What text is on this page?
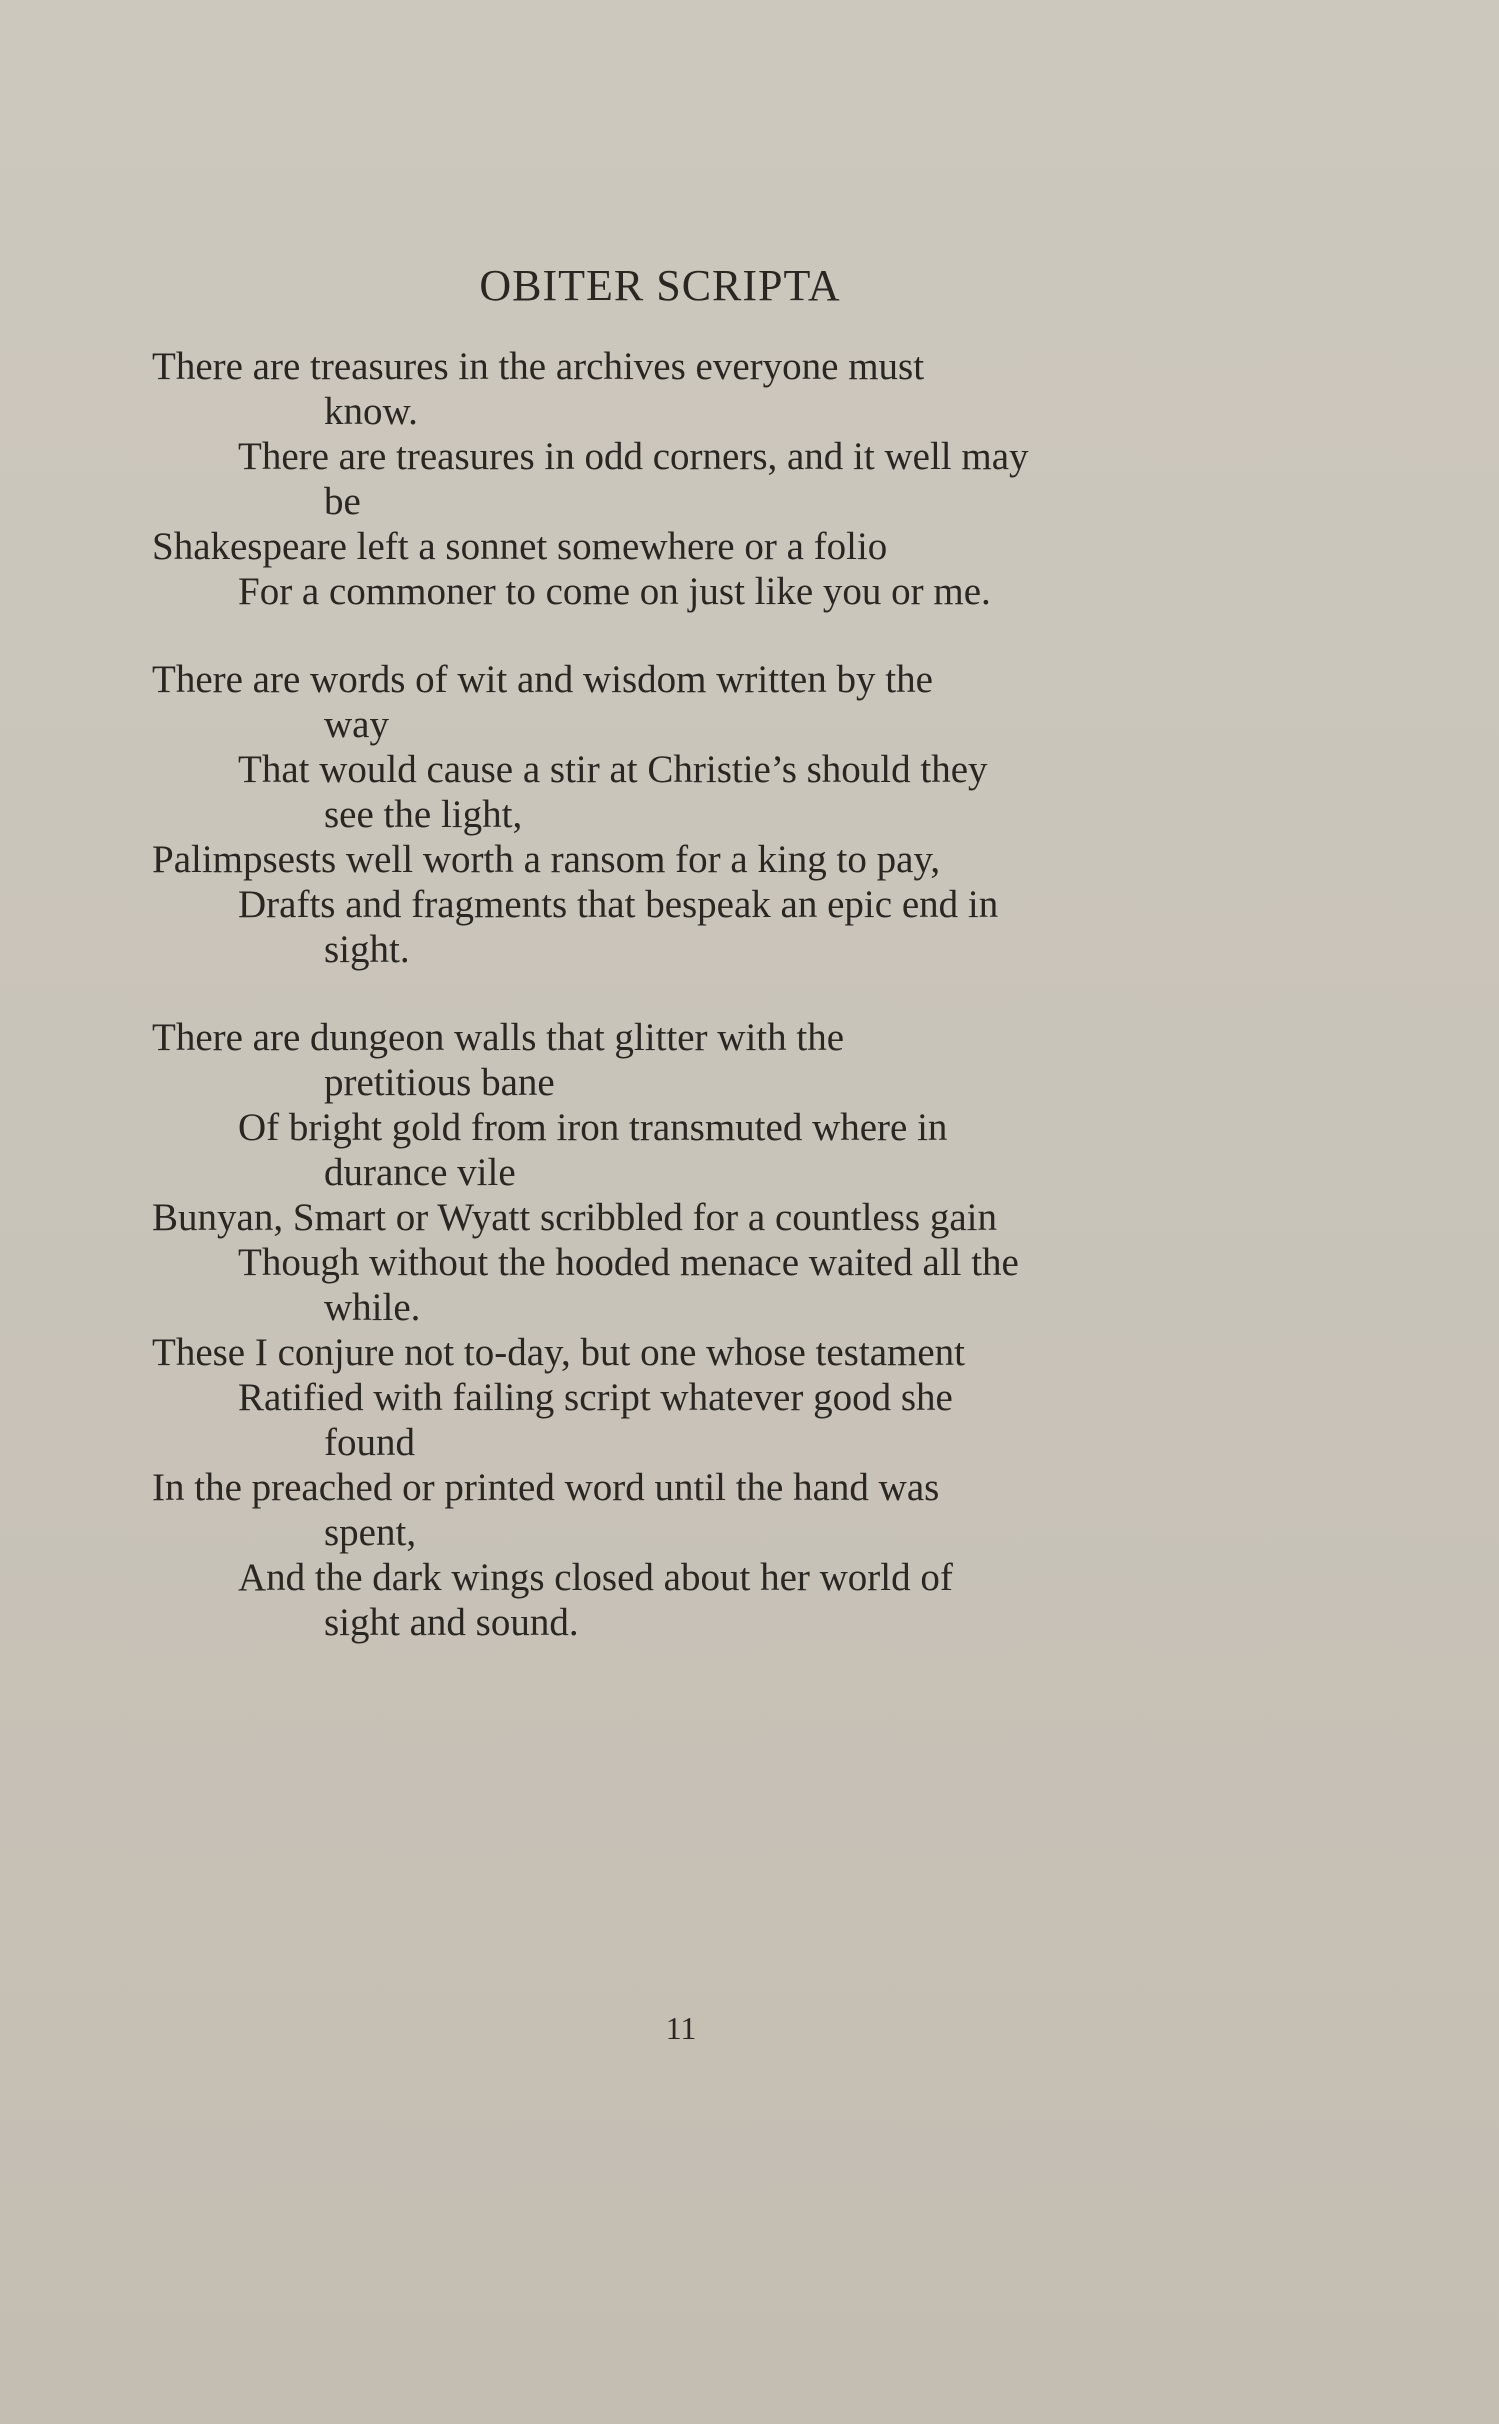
OBITER SCRIPTA
There are treasures in the archives everyone must
know.
There are treasures in odd corners, and it well may
be
Shakespeare left a sonnet somewhere or a folio
For a commoner to come on just like you or me.
There are words of wit and wisdom written by the
way
That would cause a stir at Christie’s should they
see the light,
Palimpsests well worth a ransom for a king to pay,
Drafts and fragments that bespeak an epic end in
sight.
There are dungeon walls that glitter with the
pretitious bane
Of bright gold from iron transmuted where in
durance vile
Bunyan, Smart or Wyatt scribbled for a countless gain
Though without the hooded menace waited all the
while.
These I conjure not to-day, but one whose testament
Ratified with failing script whatever good she
found
In the preached or printed word until the hand was
spent,
And the dark wings closed about her world of
sight and sound.
11
